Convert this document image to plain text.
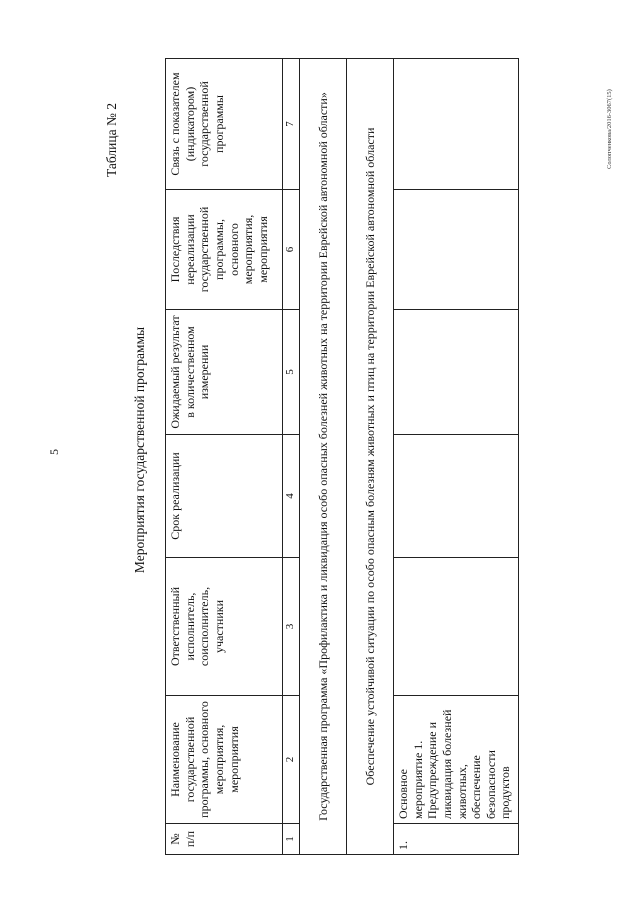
5
Таблица № 2
Мероприятия государственной программы
№ п/п	Наименование государственной программы, основного мероприятия, мероприятия	Ответственный исполнитель, соисполнитель, участники	Срок реализации	Ожидаемый результат в количественном измерении	Последствия нереализации государственной программы, основного мероприятия, мероприятия	Связь с показателем (индикатором) государственной программы
1	2	3	4	5	6	7
Государственная программа «Профилактика и ликвидация особо опасных болезней животных на территории Еврейской автономной области»						
Обеспечение устойчивой ситуации по особо опасным болезням животных и птиц на территории Еврейской автономной области						
1.	Основное мероприятие 1. Предупреждение и ликвидация болезней животных, обеспечение безопасности продуктов					
Солопченкова/2016-3067(15)
